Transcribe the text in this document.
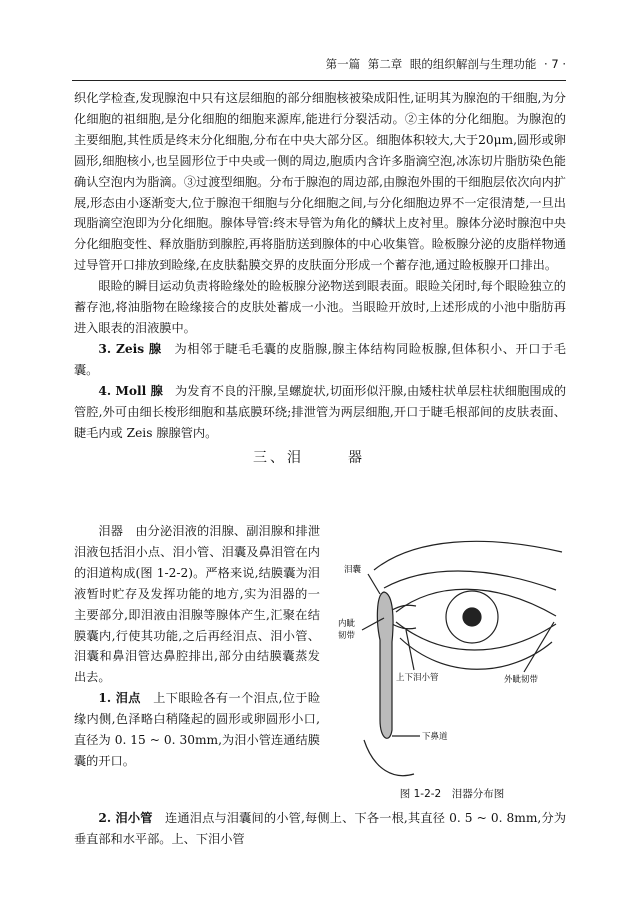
第一篇 第二章 眼的组织解剖与生理功能 · 7 ·

织化学检查,发现腺泡中只有这层细胞的部分细胞核被染成阳性,证明其为腺泡的干细胞,为分化细胞的祖细胞,是分化细胞的细胞来源库,能进行分裂活动。②主体的分化细胞。为腺泡的主要细胞,其性质是终末分化细胞,分布在中央大部分区。细胞体积较大,大于20μm,圆形或卵圆形,细胞核小,也呈圆形位于中央或一侧的周边,胞质内含许多脂滴空泡,冰冻切片脂肪染色能确认空泡内为脂滴。③过渡型细胞。分布于腺泡的周边部,由腺泡外围的干细胞层依次向内扩展,形态由小逐渐变大,位于腺泡干细胞与分化细胞之间,与分化细胞边界不一定很清楚,一旦出现脂滴空泡即为分化细胞。腺体导管:终末导管为角化的鳞状上皮衬里。腺体分泌时腺泡中央分化细胞变性、释放脂肪到腺腔,再将脂肪送到腺体的中心收集管。睑板腺分泌的皮脂样物通过导管开口排放到睑缘,在皮肤黏膜交界的皮肤面分形成一个蓄存池,通过睑板腺开口排出。

眼睑的瞬目运动负责将睑缘处的睑板腺分泌物送到眼表面。眼睑关闭时,每个眼睑独立的蓄存池,将油脂物在睑缘接合的皮肤处蓄成一小池。当眼睑开放时,上述形成的小池中脂肪再进入眼表的泪液膜中。

3. Zeis 腺　 为相邻于睫毛毛囊的皮脂腺,腺主体结构同睑板腺,但体积小、开口于毛囊。

4. Moll 腺　 为发育不良的汗腺,呈螺旋状,切面形似汗腺,由矮柱状单层柱状细胞围成的管腔,外可由细长梭形细胞和基底膜环绕;排泄管为两层细胞,开口于睫毛根部间的皮肤表面、睫毛内或 Zeis 腺腺管内。

三、泪	器

泪器　 由分泌泪液的泪腺、副泪腺和排泄泪液包括泪小点、泪小管、泪囊及鼻泪管在内的泪道构成(图 1-2-2)。严格来说,结膜囊为泪液暂时贮存及发挥功能的地方,实为泪器的一主要部分,即泪液由泪腺等腺体产生,汇聚在结膜囊内,行使其功能,之后再经泪点、泪小管、泪囊和鼻泪管达鼻腔排出,部分由结膜囊蒸发出去。

1. 泪点　 上下眼睑各有一个泪点,位于睑缘内侧,色泽略白稍隆起的圆形或卵圆形小口,直径为 0. 15 ~ 0. 30mm,为泪小管连通结膜囊的开口。

2. 泪小管　 连通泪点与泪囊间的小管,每侧上、下各一根,其直径 0. 5 ~ 0. 8mm,分为垂直部和水平部。上、下泪小管

泪囊
内眦
韧带
上下泪小管	外眦韧带
下鼻道
图 1-2-2　泪器分布图
